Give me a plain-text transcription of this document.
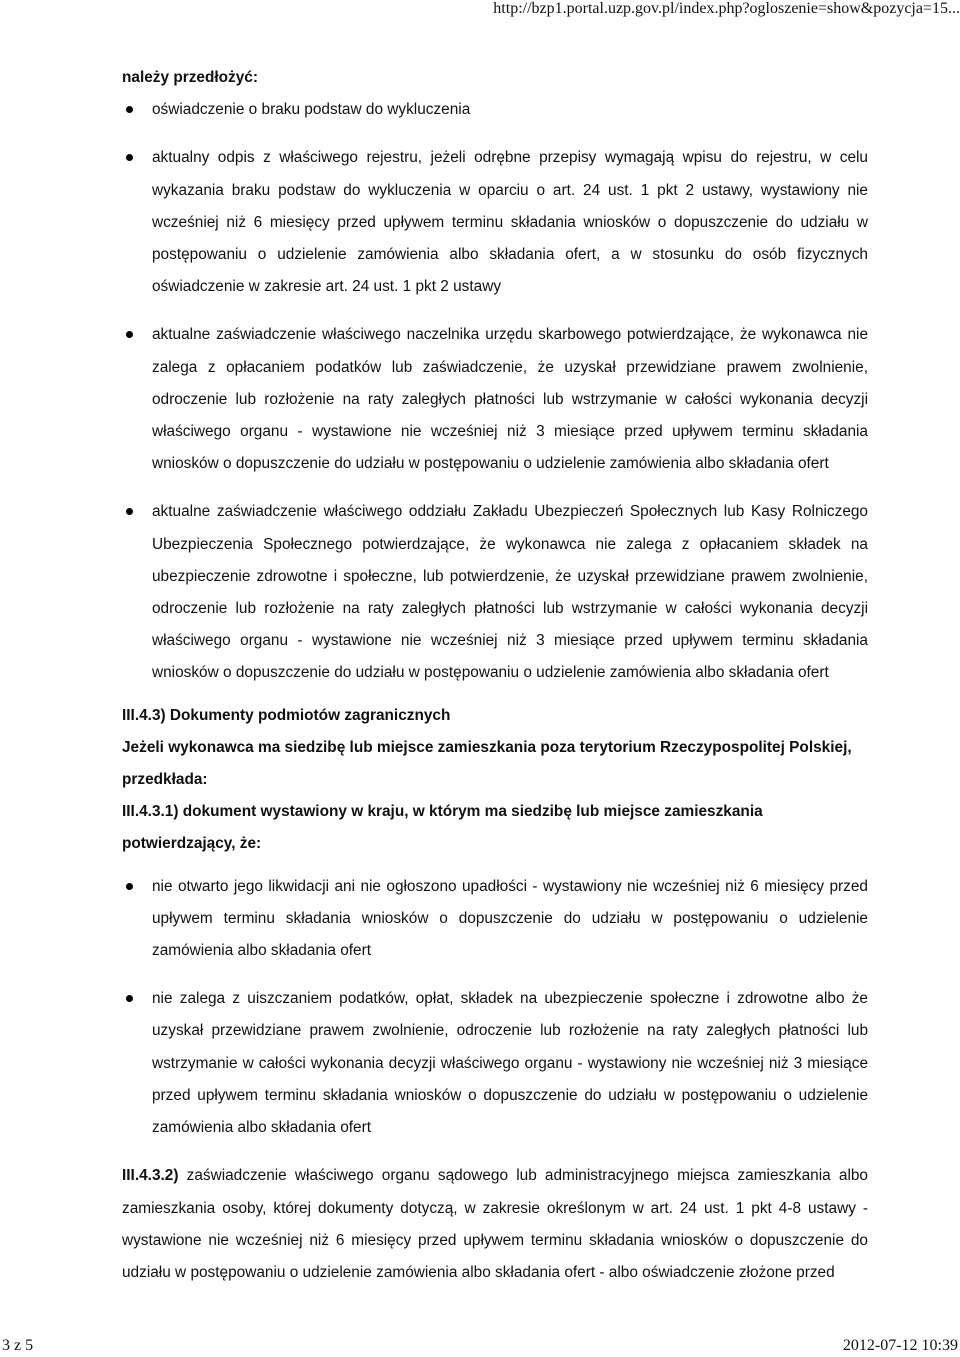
http://bzp1.portal.uzp.gov.pl/index.php?ogloszenie=show&pozycja=15...

należy przedłożyć:

oświadczenie o braku podstaw do wykluczenia
aktualny odpis z właściwego rejestru, jeżeli odrębne przepisy wymagają wpisu do rejestru, w celu wykazania braku podstaw do wykluczenia w oparciu o art. 24 ust. 1 pkt 2 ustawy, wystawiony nie wcześniej niż 6 miesięcy przed upływem terminu składania wniosków o dopuszczenie do udziału w postępowaniu o udzielenie zamówienia albo składania ofert, a w stosunku do osób fizycznych oświadczenie w zakresie art. 24 ust. 1 pkt 2 ustawy
aktualne zaświadczenie właściwego naczelnika urzędu skarbowego potwierdzające, że wykonawca nie zalega z opłacaniem podatków lub zaświadczenie, że uzyskał przewidziane prawem zwolnienie, odroczenie lub rozłożenie na raty zaległych płatności lub wstrzymanie w całości wykonania decyzji właściwego organu - wystawione nie wcześniej niż 3 miesiące przed upływem terminu składania wniosków o dopuszczenie do udziału w postępowaniu o udzielenie zamówienia albo składania ofert
aktualne zaświadczenie właściwego oddziału Zakładu Ubezpieczeń Społecznych lub Kasy Rolniczego Ubezpieczenia Społecznego potwierdzające, że wykonawca nie zalega z opłacaniem składek na ubezpieczenie zdrowotne i społeczne, lub potwierdzenie, że uzyskał przewidziane prawem zwolnienie, odroczenie lub rozłożenie na raty zaległych płatności lub wstrzymanie w całości wykonania decyzji właściwego organu - wystawione nie wcześniej niż 3 miesiące przed upływem terminu składania wniosków o dopuszczenie do udziału w postępowaniu o udzielenie zamówienia albo składania ofert

III.4.3) Dokumenty podmiotów zagranicznych

Jeżeli wykonawca ma siedzibę lub miejsce zamieszkania poza terytorium Rzeczypospolitej Polskiej, przedkłada:

III.4.3.1) dokument wystawiony w kraju, w którym ma siedzibę lub miejsce zamieszkania potwierdzający, że:

nie otwarto jego likwidacji ani nie ogłoszono upadłości - wystawiony nie wcześniej niż 6 miesięcy przed upływem terminu składania wniosków o dopuszczenie do udziału w postępowaniu o udzielenie zamówienia albo składania ofert
nie zalega z uiszczaniem podatków, opłat, składek na ubezpieczenie społeczne i zdrowotne albo że uzyskał przewidziane prawem zwolnienie, odroczenie lub rozłożenie na raty zaległych płatności lub wstrzymanie w całości wykonania decyzji właściwego organu - wystawiony nie wcześniej niż 3 miesiące przed upływem terminu składania wniosków o dopuszczenie do udziału w postępowaniu o udzielenie zamówienia albo składania ofert

III.4.3.2) zaświadczenie właściwego organu sądowego lub administracyjnego miejsca zamieszkania albo zamieszkania osoby, której dokumenty dotyczą, w zakresie określonym w art. 24 ust. 1 pkt 4-8 ustawy - wystawione nie wcześniej niż 6 miesięcy przed upływem terminu składania wniosków o dopuszczenie do udziału w postępowaniu o udzielenie zamówienia albo składania ofert - albo oświadczenie złożone przed

3 z 5	2012-07-12 10:39
